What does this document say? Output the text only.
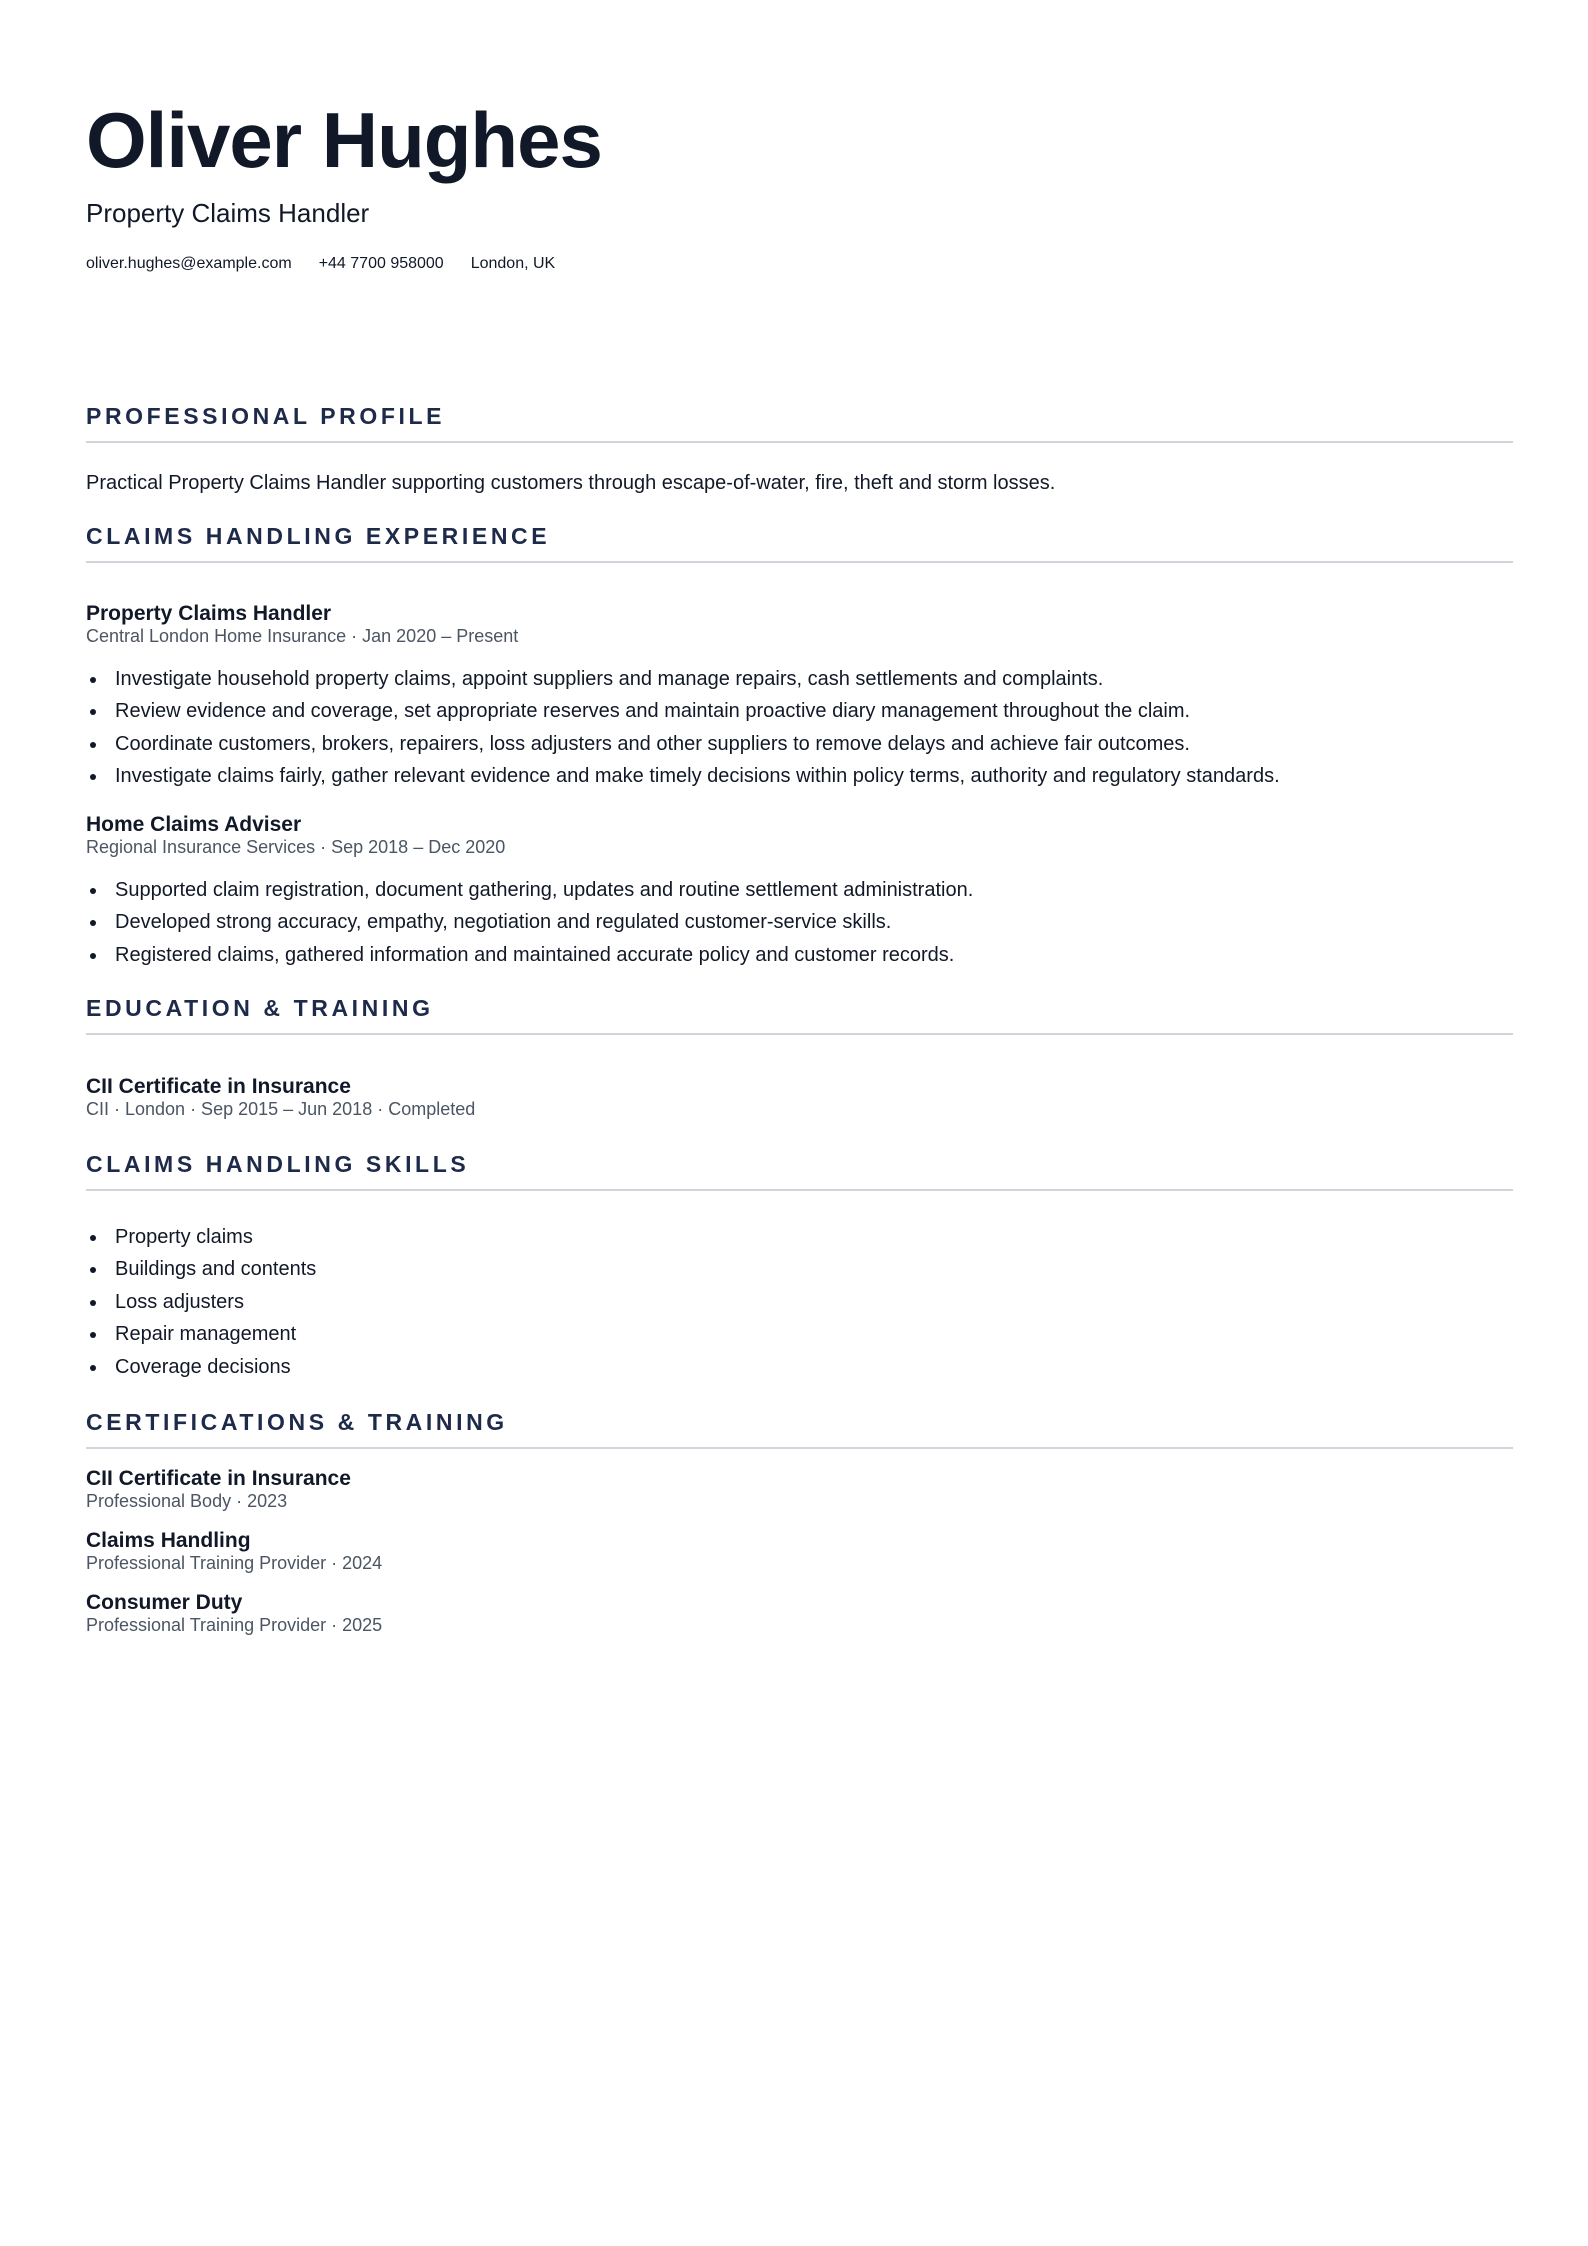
Oliver Hughes
Property Claims Handler
oliver.hughes@example.com +44 7700 958000 London, UK
PROFESSIONAL PROFILE
Practical Property Claims Handler supporting customers through escape-of-water, fire, theft and storm losses.
CLAIMS HANDLING EXPERIENCE
Property Claims Handler
Central London Home Insurance · Jan 2020 – Present
Investigate household property claims, appoint suppliers and manage repairs, cash settlements and complaints.
Review evidence and coverage, set appropriate reserves and maintain proactive diary management throughout the claim.
Coordinate customers, brokers, repairers, loss adjusters and other suppliers to remove delays and achieve fair outcomes.
Investigate claims fairly, gather relevant evidence and make timely decisions within policy terms, authority and regulatory standards.
Home Claims Adviser
Regional Insurance Services · Sep 2018 – Dec 2020
Supported claim registration, document gathering, updates and routine settlement administration.
Developed strong accuracy, empathy, negotiation and regulated customer-service skills.
Registered claims, gathered information and maintained accurate policy and customer records.
EDUCATION & TRAINING
CII Certificate in Insurance
CII · London · Sep 2015 – Jun 2018 · Completed
CLAIMS HANDLING SKILLS
Property claims
Buildings and contents
Loss adjusters
Repair management
Coverage decisions
CERTIFICATIONS & TRAINING
CII Certificate in Insurance
Professional Body · 2023
Claims Handling
Professional Training Provider · 2024
Consumer Duty
Professional Training Provider · 2025
